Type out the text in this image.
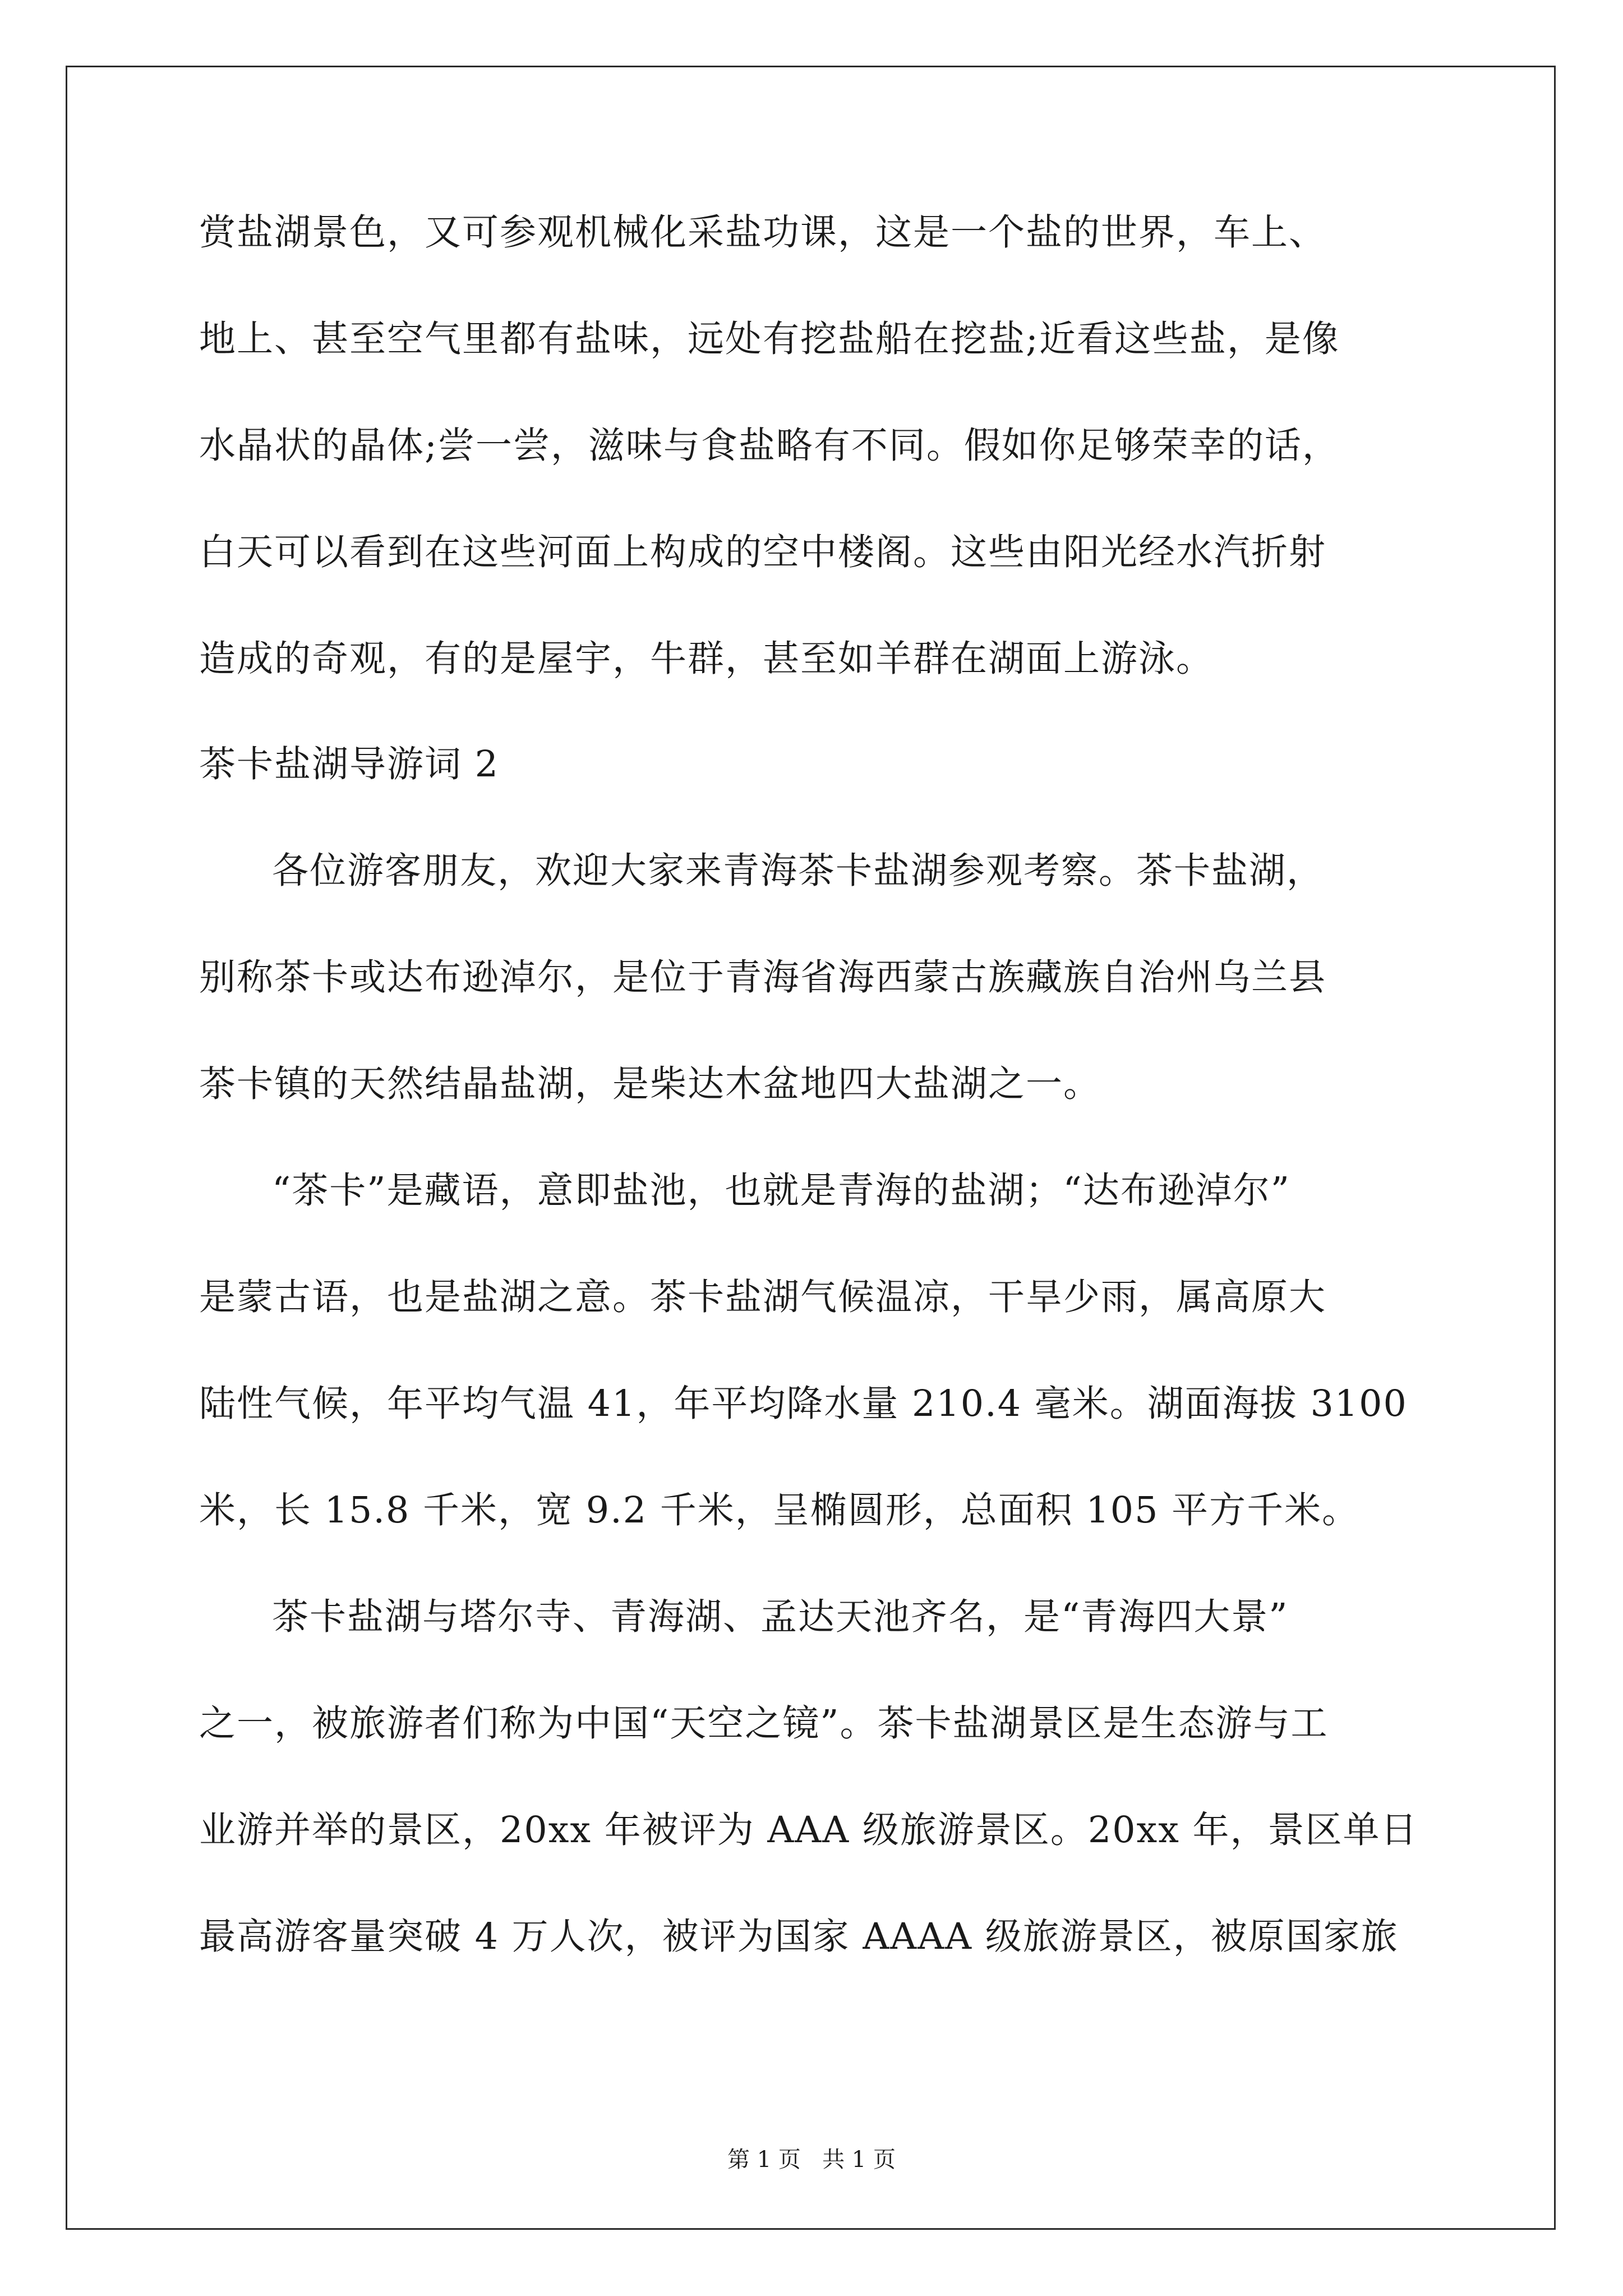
赏盐湖景色，又可参观机械化采盐功课，这是一个盐的世界，车上、
地上、甚至空气里都有盐味，远处有挖盐船在挖盐;近看这些盐，是像
水晶状的晶体;尝一尝，滋味与食盐略有不同。假如你足够荣幸的话，
白天可以看到在这些河面上构成的空中楼阁。这些由阳光经水汽折射
造成的奇观，有的是屋宇，牛群，甚至如羊群在湖面上游泳。
茶卡盐湖导游词 2
各位游客朋友，欢迎大家来青海茶卡盐湖参观考察。茶卡盐湖，
别称茶卡或达布逊淖尔，是位于青海省海西蒙古族藏族自治州乌兰县
茶卡镇的天然结晶盐湖，是柴达木盆地四大盐湖之一。
“茶卡”是藏语，意即盐池，也就是青海的盐湖；“达布逊淖尔”
是蒙古语，也是盐湖之意。茶卡盐湖气候温凉，干旱少雨，属高原大
陆性气候，年平均气温 41，年平均降水量 210.4 毫米。湖面海拔 3100
米，长 15.8 千米，宽 9.2 千米，呈椭圆形，总面积 105 平方千米。
茶卡盐湖与塔尔寺、青海湖、孟达天池齐名，是“青海四大景”
之一，被旅游者们称为中国“天空之镜”。茶卡盐湖景区是生态游与工
业游并举的景区，20xx 年被评为 AAA 级旅游景区。20xx 年，景区单日
最高游客量突破 4 万人次，被评为国家 AAAA 级旅游景区，被原国家旅
第 1 页   共 1 页
